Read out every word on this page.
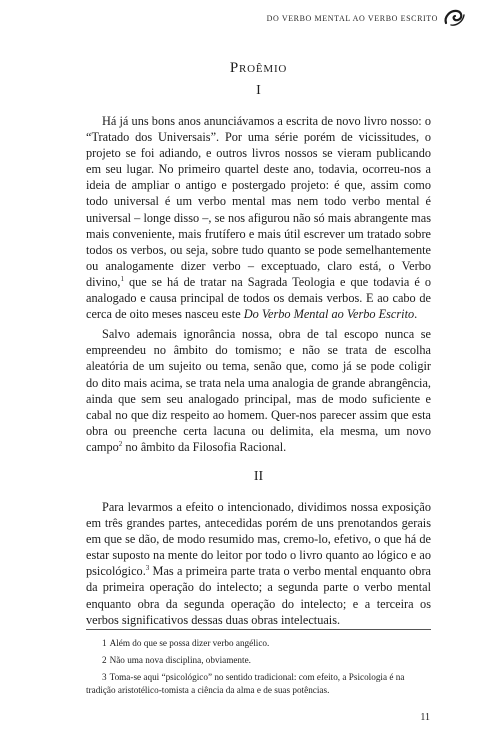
DO VERBO MENTAL AO VERBO ESCRITO
Proêmio
I

Há já uns bons anos anunciávamos a escrita de novo livro nosso: o “Tratado dos Universais”. Por uma série porém de vicissitudes, o projeto se foi adiando, e outros livros nossos se vieram publicando em seu lugar. No primeiro quartel deste ano, todavia, ocorreu-nos a ideia de ampliar o antigo e postergado projeto: é que, assim como todo universal é um verbo mental mas nem todo verbo mental é universal – longe disso –, se nos afigurou não só mais abrangente mas mais conveniente, mais frutífero e mais útil escrever um tratado sobre todos os verbos, ou seja, sobre tudo quanto se pode semelhantemente ou analogamente dizer verbo – exceptuado, claro está, o Verbo divino,$^1$ que se há de tratar na Sagrada Teologia e que todavia é o analogado e causa principal de todos os demais verbos. E ao cabo de cerca de oito meses nasceu este Do Verbo Mental ao Verbo Escrito.

Salvo ademais ignorância nossa, obra de tal escopo nunca se empreendeu no âmbito do tomismo; e não se trata de escolha aleatória de um sujeito ou tema, senão que, como já se pode coligir do dito mais acima, se trata nela uma analogia de grande abrangência, ainda que sem seu analogado principal, mas de modo suficiente e cabal no que diz respeito ao homem. Quer-nos parecer assim que esta obra ou preenche certa lacuna ou delimita, ela mesma, um novo campo$^2$ no âmbito da Filosofia Racional.

II

Para levarmos a efeito o intencionado, dividimos nossa exposição em três grandes partes, antecedidas porém de uns prenotandos gerais em que se dão, de modo resumido mas, cremo-lo, efetivo, o que há de estar suposto na mente do leitor por todo o livro quanto ao lógico e ao psicológico.$^3$ Mas a primeira parte trata o verbo mental enquanto obra da primeira operação do intelecto; a segunda parte o verbo mental enquanto obra da segunda operação do intelecto; e a terceira os verbos significativos dessas duas obras intelectuais.

1 Além do que se possa dizer verbo angélico.

2 Não uma nova disciplina, obviamente.

3 Toma-se aqui “psicológico” no sentido tradicional: com efeito, a Psicologia é na tradição aristotélico-tomista a ciência da alma e de suas potências.

11
